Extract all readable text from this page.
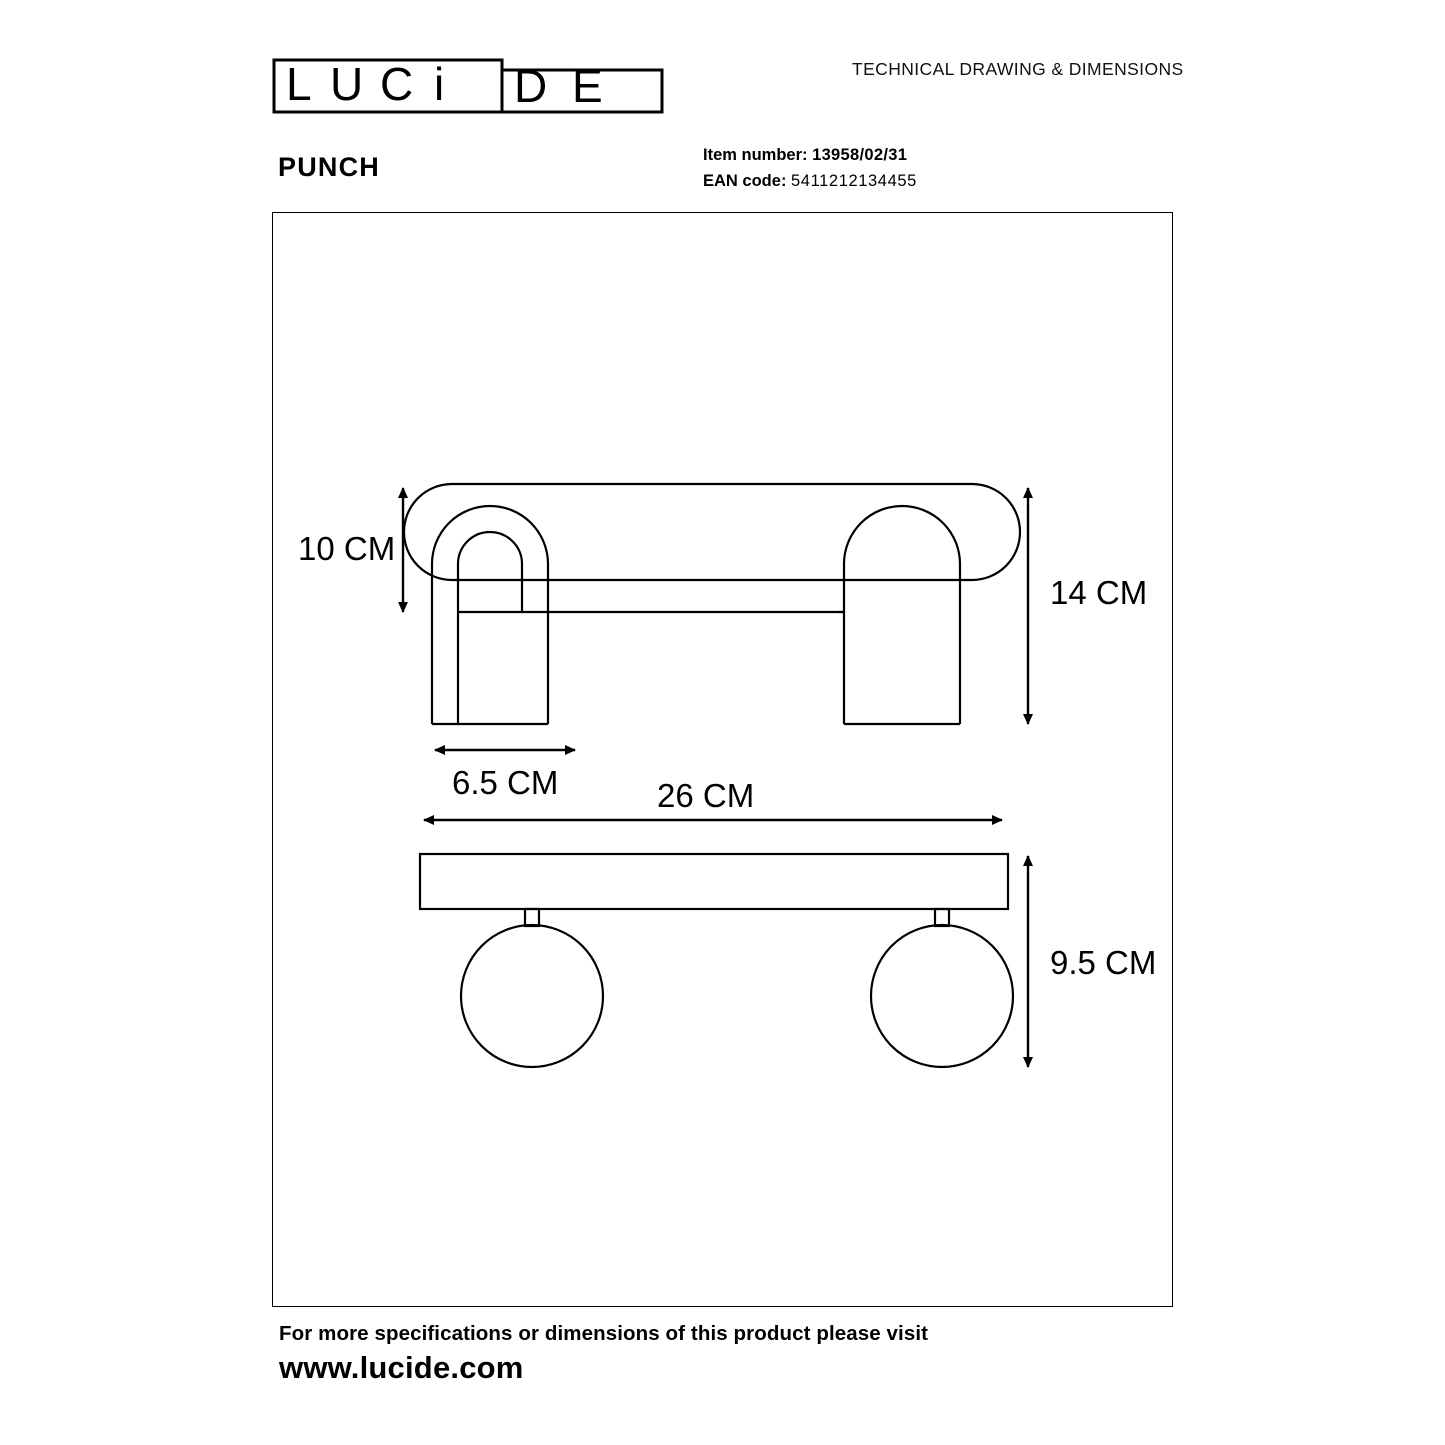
L U C i D E	TECHNICAL DRAWING & DIMENSIONS
PUNCH	Item number: 13958/02/31
EAN code: 5411212134455
10 CM
14 CM
6.5 CM	26 CM
9.5 CM
For more specifications or dimensions of this product please visit
www.lucide.com
